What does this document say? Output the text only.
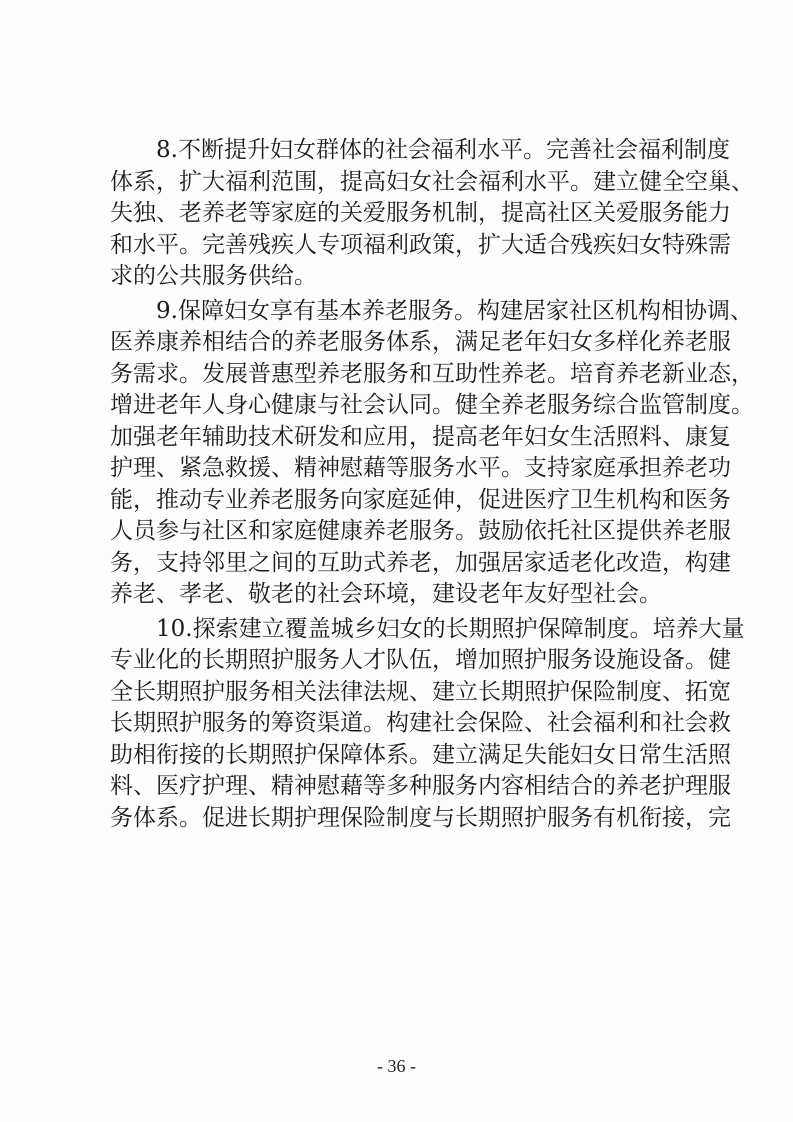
8.不断提升妇女群体的社会福利水平。完善社会福利制度
体系，扩大福利范围，提高妇女社会福利水平。建立健全空巢、
失独、老养老等家庭的关爱服务机制，提高社区关爱服务能力
和水平。完善残疾人专项福利政策，扩大适合残疾妇女特殊需
求的公共服务供给。
9.保障妇女享有基本养老服务。构建居家社区机构相协调、
医养康养相结合的养老服务体系，满足老年妇女多样化养老服
务需求。发展普惠型养老服务和互助性养老。培育养老新业态，
增进老年人身心健康与社会认同。健全养老服务综合监管制度。
加强老年辅助技术研发和应用，提高老年妇女生活照料、康复
护理、紧急救援、精神慰藉等服务水平。支持家庭承担养老功
能，推动专业养老服务向家庭延伸，促进医疗卫生机构和医务
人员参与社区和家庭健康养老服务。鼓励依托社区提供养老服
务，支持邻里之间的互助式养老，加强居家适老化改造，构建
养老、孝老、敬老的社会环境，建设老年友好型社会。
10.探索建立覆盖城乡妇女的长期照护保障制度。培养大量
专业化的长期照护服务人才队伍，增加照护服务设施设备。健
全长期照护服务相关法律法规、建立长期照护保险制度、拓宽
长期照护服务的筹资渠道。构建社会保险、社会福利和社会救
助相衔接的长期照护保障体系。建立满足失能妇女日常生活照
料、医疗护理、精神慰藉等多种服务内容相结合的养老护理服
务体系。促进长期护理保险制度与长期照护服务有机衔接，完
- 36 -
